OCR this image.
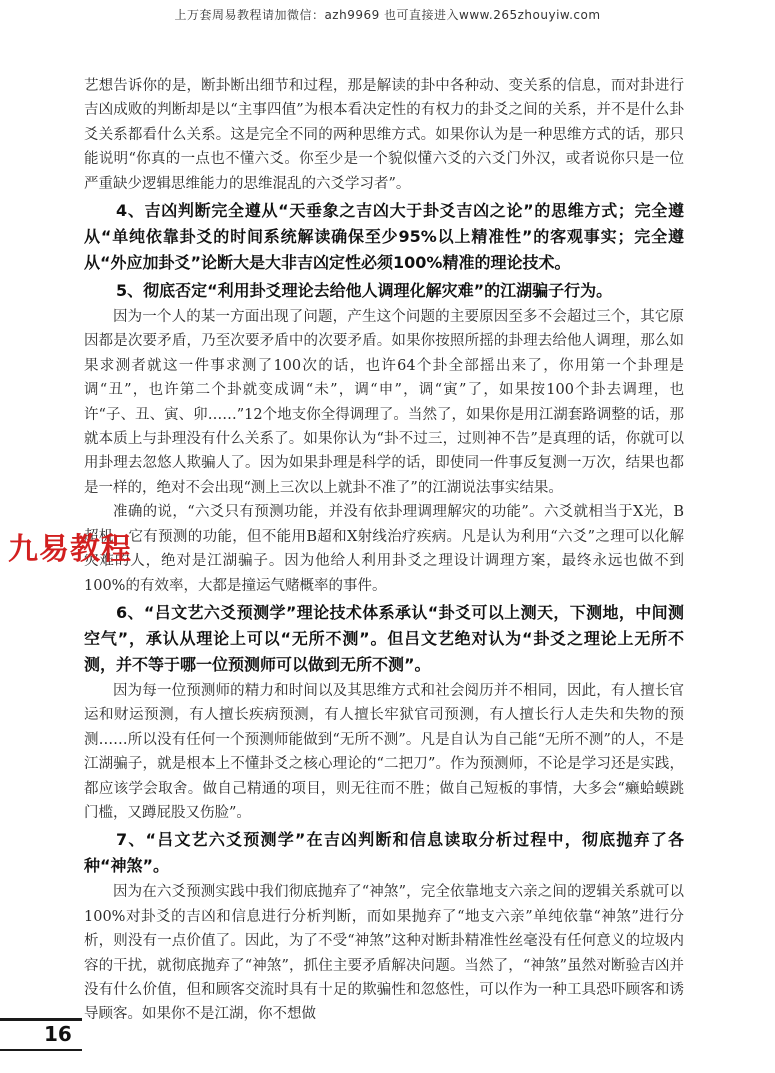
上万套周易教程请加微信：azh9969 也可直接进入www.265zhouyiw.com

艺想告诉你的是，断卦断出细节和过程，那是解读的卦中各种动、变关系的信息，而对卦进行吉凶成败的判断却是以“主事四值”为根本看决定性的有权力的卦爻之间的关系，并不是什么卦爻关系都看什么关系。这是完全不同的两种思维方式。如果你认为是一种思维方式的话，那只能说明“你真的一点也不懂六爻。你至少是一个貌似懂六爻的六爻门外汉，或者说你只是一位严重缺少逻辑思维能力的思维混乱的六爻学习者”。

4、吉凶判断完全遵从“天垂象之吉凶大于卦爻吉凶之论”的思维方式；完全遵从“单纯依靠卦爻的时间系统解读确保至少95%以上精准性”的客观事实；完全遵从“外应加卦爻”论断大是大非吉凶定性必须100%精准的理论技术。

5、彻底否定“利用卦爻理论去给他人调理化解灾难”的江湖骗子行为。

因为一个人的某一方面出现了问题，产生这个问题的主要原因至多不会超过三个，其它原因都是次要矛盾，乃至次要矛盾中的次要矛盾。如果你按照所摇的卦理去给他人调理，那么如果求测者就这一件事求测了100次的话，也许64个卦全部摇出来了，你用第一个卦理是调“丑”，也许第二个卦就变成调“未”，调“申”，调“寅”了，如果按100个卦去调理，也许“子、丑、寅、卯……”12个地支你全得调理了。当然了，如果你是用江湖套路调整的话，那就本质上与卦理没有什么关系了。如果你认为“卦不过三，过则神不告”是真理的话，你就可以用卦理去忽悠人欺骗人了。因为如果卦理是科学的话，即使同一件事反复测一万次，结果也都是一样的，绝对不会出现“测上三次以上就卦不准了”的江湖说法事实结果。

准确的说，“六爻只有预测功能，并没有依卦理调理解灾的功能”。六爻就相当于X光，B超机，它有预测的功能，但不能用B超和X射线治疗疾病。凡是认为利用“六爻”之理可以化解灾难的人，绝对是江湖骗子。因为他给人利用卦爻之理设计调理方案，最终永远也做不到100%的有效率，大都是撞运气赌概率的事件。

6、“吕文艺六爻预测学”理论技术体系承认“卦爻可以上测天，下测地，中间测空气”，承认从理论上可以“无所不测”。但吕文艺绝对认为“卦爻之理论上无所不测，并不等于哪一位预测师可以做到无所不测”。

因为每一位预测师的精力和时间以及其思维方式和社会阅历并不相同，因此，有人擅长官运和财运预测，有人擅长疾病预测，有人擅长牢狱官司预测，有人擅长行人走失和失物的预测……所以没有任何一个预测师能做到“无所不测”。凡是自认为自己能“无所不测”的人，不是江湖骗子，就是根本上不懂卦爻之核心理论的“二把刀”。作为预测师，不论是学习还是实践，都应该学会取舍。做自己精通的项目，则无往而不胜；做自己短板的事情，大多会“癞蛤蟆跳门槛，又蹲屁股又伤脸”。

7、“吕文艺六爻预测学”在吉凶判断和信息读取分析过程中，彻底抛弃了各种“神煞”。

因为在六爻预测实践中我们彻底抛弃了“神煞”，完全依靠地支六亲之间的逻辑关系就可以100%对卦爻的吉凶和信息进行分析判断，而如果抛弃了“地支六亲”单纯依靠“神煞”进行分析，则没有一点价值了。因此，为了不受“神煞”这种对断卦精准性丝毫没有任何意义的垃圾内容的干扰，就彻底抛弃了“神煞”，抓住主要矛盾解决问题。当然了，“神煞”虽然对断验吉凶并没有什么价值，但和顾客交流时具有十足的欺骗性和忽悠性，可以作为一种工具恐吓顾客和诱导顾客。如果你不是江湖，你不想做

九易教程
16
